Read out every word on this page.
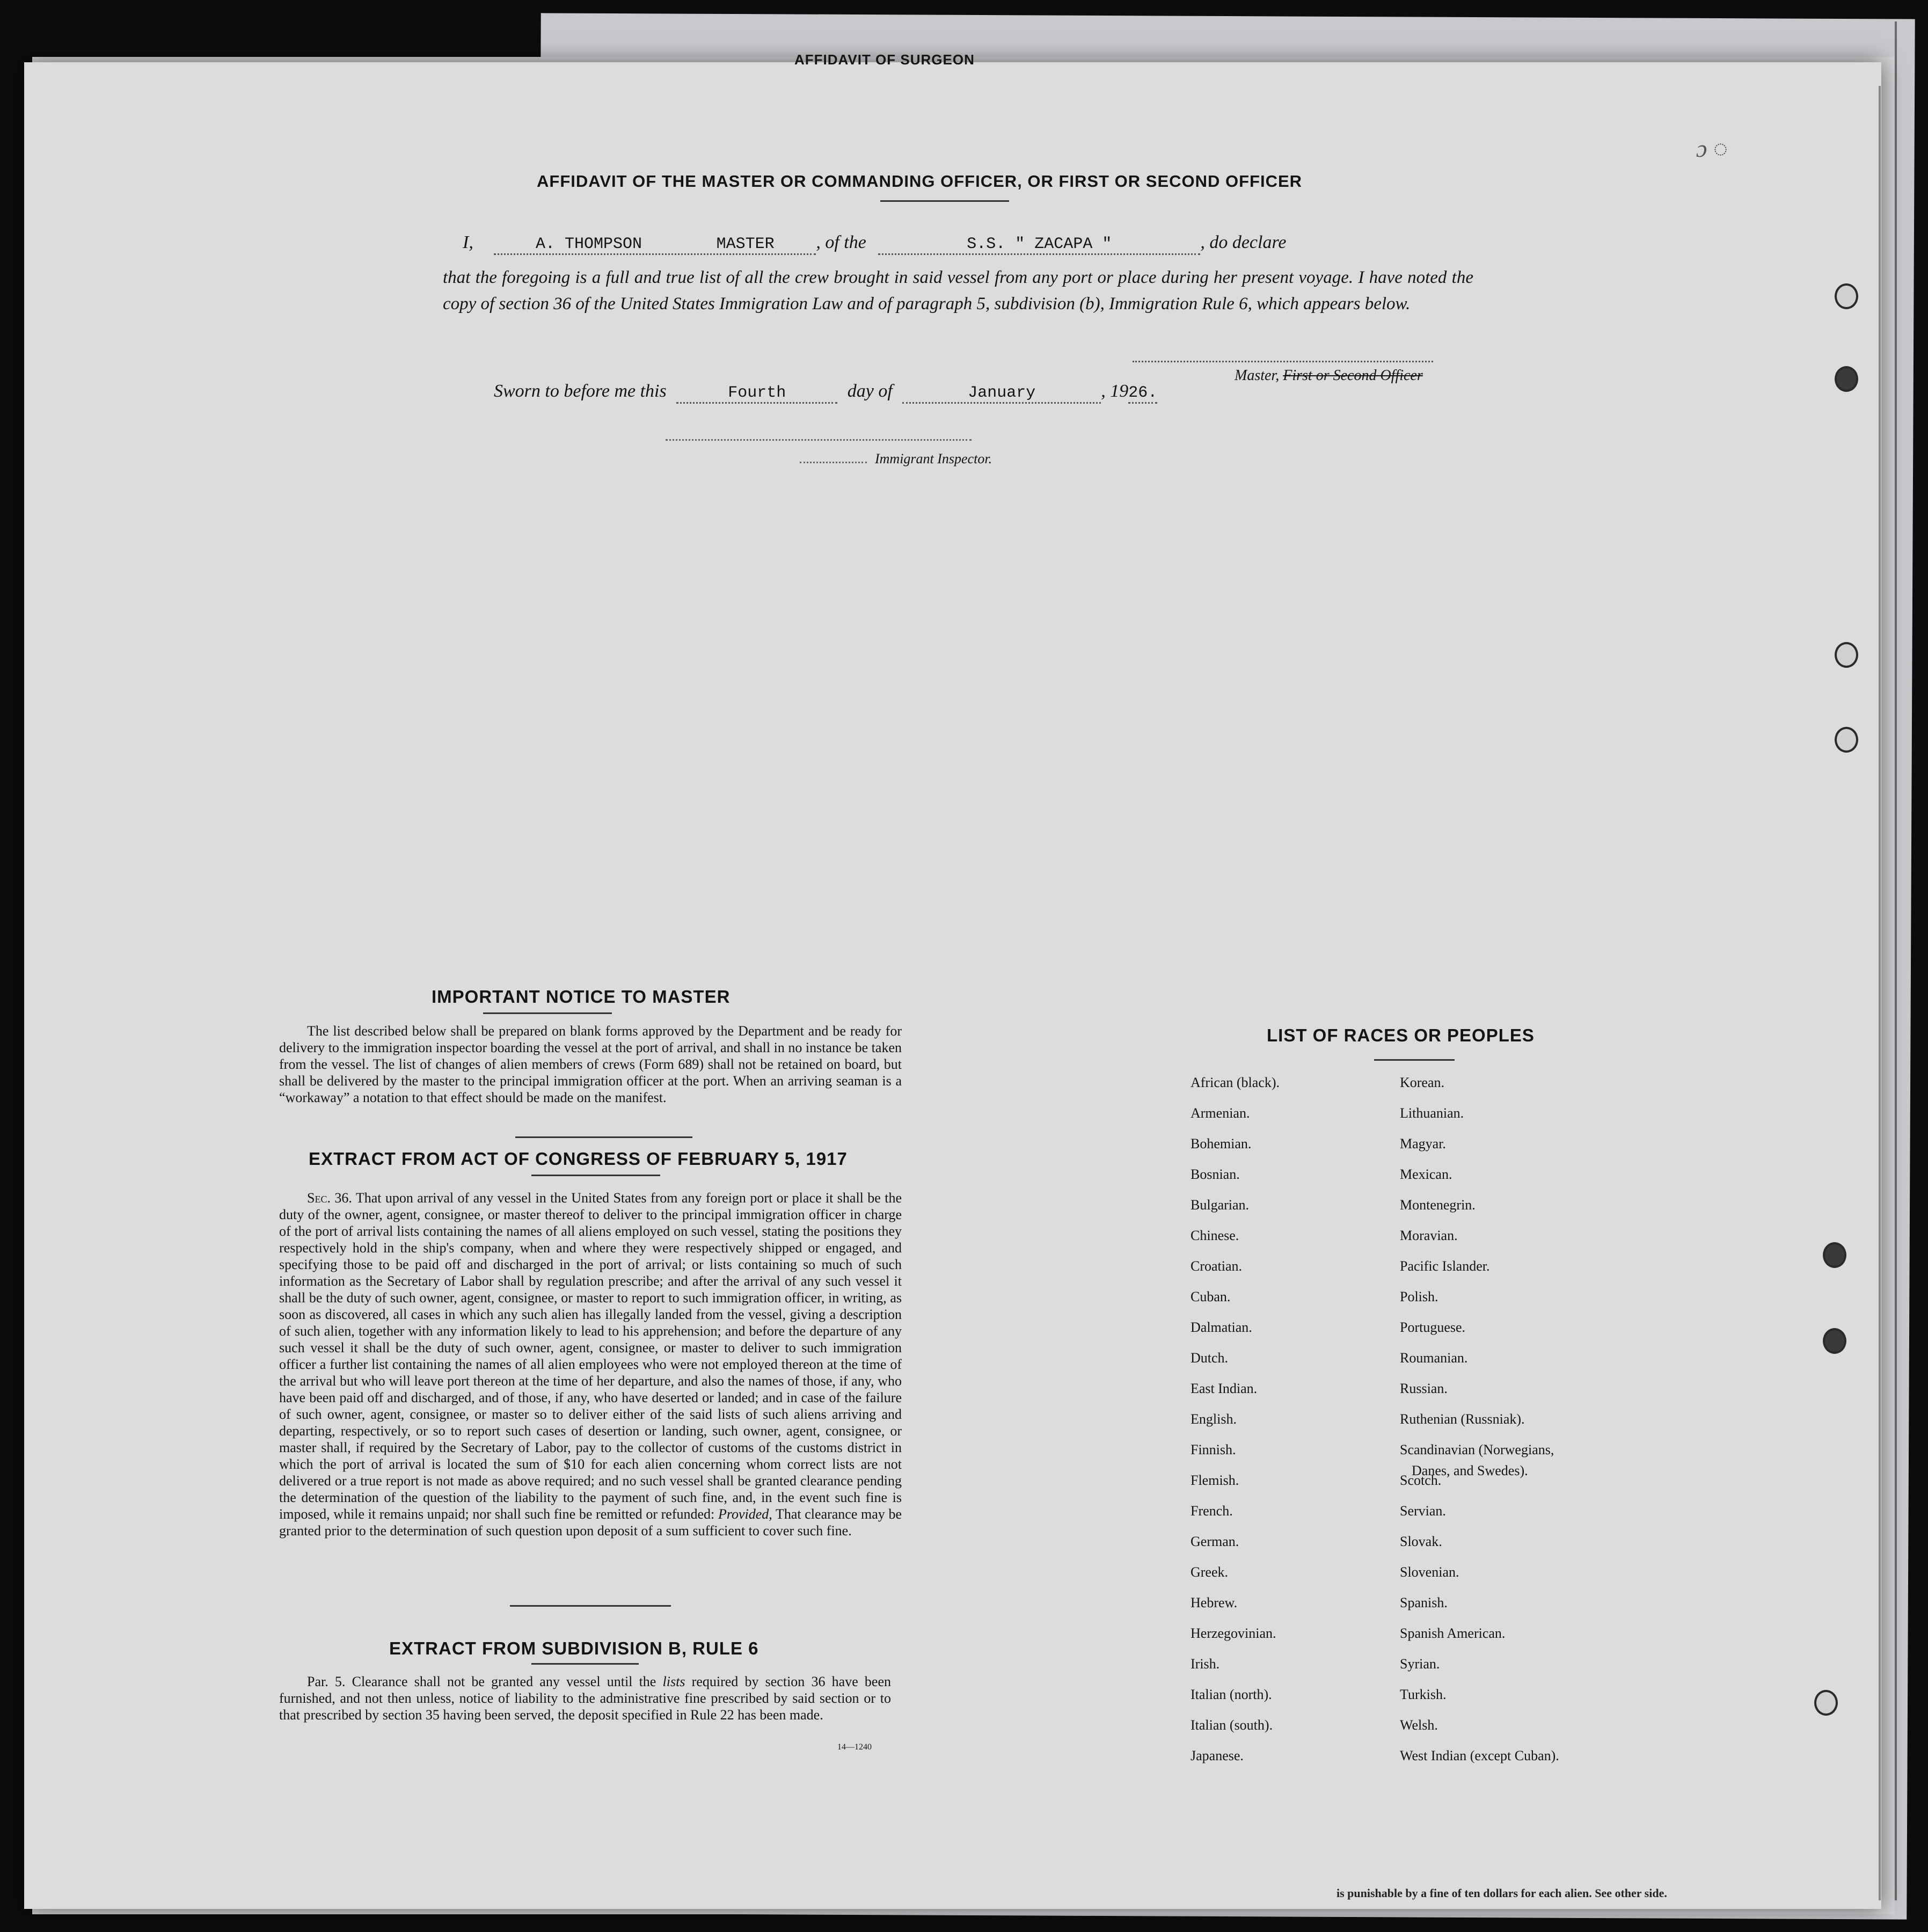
AFFIDAVIT OF SURGEON
ɔ ◌
AFFIDAVIT OF THE MASTER OR COMMANDING OFFICER, OR FIRST OR SECOND OFFICER
I,	A. THOMPSON	MASTER , of the	S.S. " ZACAPA "	, do declare
that the foregoing is a full and true list of all the crew brought in said vessel from any port or place during her present voyage. I have noted the copy of section 36 of the United States Immigration Law and of paragraph 5, subdivision (b), Immigration Rule 6, which appears below.
Master, First or Second Officer
Sworn to before me this	Fourth	day of	January	, 1926.
Immigrant Inspector.
IMPORTANT NOTICE TO MASTER
The list described below shall be prepared on blank forms approved by the Department and be ready for delivery to the immigration inspector boarding the vessel at the port of arrival, and shall in no instance be taken from the vessel. The list of changes of alien members of crews (Form 689) shall not be retained on board, but shall be delivered by the master to the principal immigration officer at the port. When an arriving seaman is a “workaway” a notation to that effect should be made on the manifest.
EXTRACT FROM ACT OF CONGRESS OF FEBRUARY 5, 1917
Sec. 36. That upon arrival of any vessel in the United States from any foreign port or place it shall be the duty of the owner, agent, consignee, or master thereof to deliver to the principal immigration officer in charge of the port of arrival lists containing the names of all aliens employed on such vessel, stating the positions they respectively hold in the ship's company, when and where they were respectively shipped or engaged, and specifying those to be paid off and discharged in the port of arrival; or lists containing so much of such information as the Secretary of Labor shall by regulation prescribe; and after the arrival of any such vessel it shall be the duty of such owner, agent, consignee, or master to report to such immigration officer, in writing, as soon as discovered, all cases in which any such alien has illegally landed from the vessel, giving a description of such alien, together with any information likely to lead to his apprehension; and before the departure of any such vessel it shall be the duty of such owner, agent, consignee, or master to deliver to such immigration officer a further list containing the names of all alien employees who were not employed thereon at the time of the arrival but who will leave port thereon at the time of her departure, and also the names of those, if any, who have been paid off and discharged, and of those, if any, who have deserted or landed; and in case of the failure of such owner, agent, consignee, or master so to deliver either of the said lists of such aliens arriving and departing, respectively, or so to report such cases of desertion or landing, such owner, agent, consignee, or master shall, if required by the Secretary of Labor, pay to the collector of customs of the customs district in which the port of arrival is located the sum of $10 for each alien concerning whom correct lists are not delivered or a true report is not made as above required; and no such vessel shall be granted clearance pending the determination of the question of the liability to the payment of such fine, and, in the event such fine is imposed, while it remains unpaid; nor shall such fine be remitted or refunded: Provided, That clearance may be granted prior to the determination of such question upon deposit of a sum sufficient to cover such fine.
EXTRACT FROM SUBDIVISION B, RULE 6
Par. 5. Clearance shall not be granted any vessel until the lists required by section 36 have been furnished, and not then unless, notice of liability to the administrative fine prescribed by said section or to that prescribed by section 35 having been served, the deposit specified in Rule 22 has been made.
14—1240
LIST OF RACES OR PEOPLES
African (black).
Armenian.
Bohemian.
Bosnian.
Bulgarian.
Chinese.
Croatian.
Cuban.
Dalmatian.
Dutch.
East Indian.
English.
Finnish.
Flemish.
French.
German.
Greek.
Hebrew.
Herzegovinian.
Irish.
Italian (north).
Italian (south).
Japanese.
Korean.
Lithuanian.
Magyar.
Mexican.
Montenegrin.
Moravian.
Pacific Islander.
Polish.
Portuguese.
Roumanian.
Russian.
Ruthenian (Russniak).
Scandinavian (Norwegians,
Scotch.
Servian.
Slovak.
Slovenian.
Spanish.
Spanish American.
Syrian.
Turkish.
Welsh.
West Indian (except Cuban).
Danes, and Swedes).
is punishable by a fine of ten dollars for each alien. See other side.
